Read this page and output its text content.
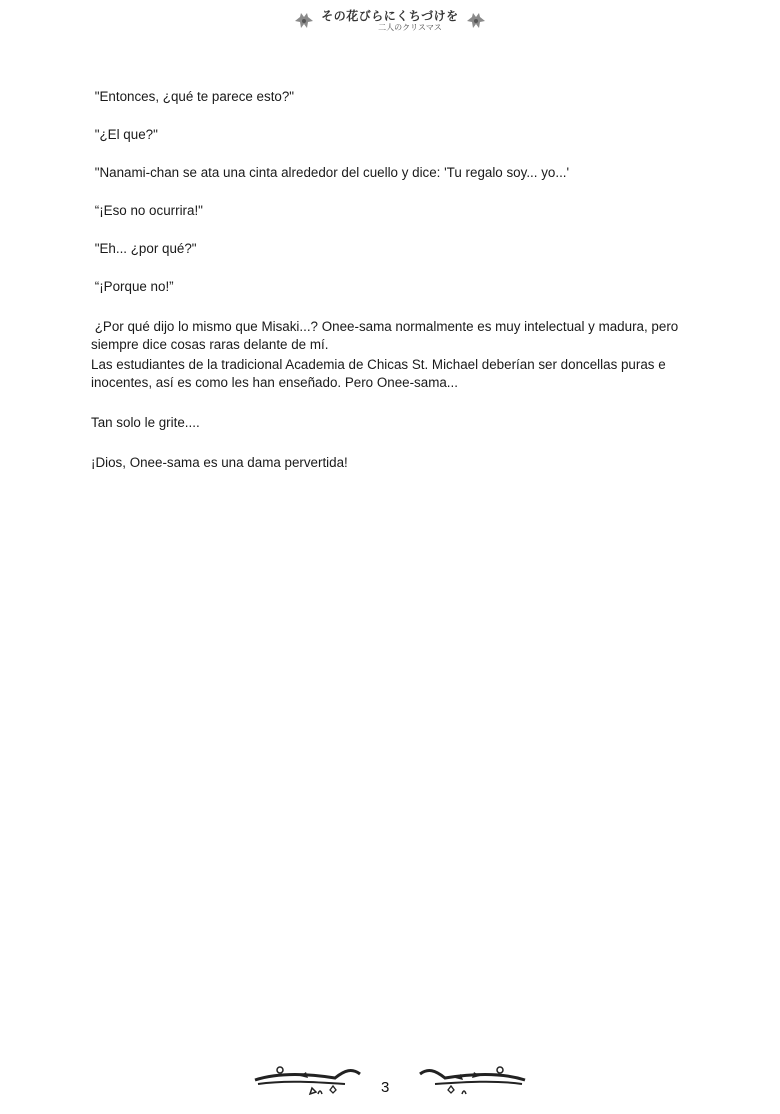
その花びらにくちづけを
二人のクリスマス

"Entonces, ¿qué te parece esto?"

"¿El que?"

"Nanami-chan se ata una cinta alrededor del cuello y dice: 'Tu regalo soy... yo...'

“¡Eso no ocurrira!"

"Eh... ¿por qué?"

“¡Porque no!”

¿Por qué dijo lo mismo que Misaki...? Onee-sama normalmente es muy intelectual y madura, pero siempre dice cosas raras delante de mí.

Las estudiantes de la tradicional Academia de Chicas St. Michael deberían ser doncellas puras e inocentes, así es como les han enseñado. Pero Onee-sama...

Tan solo le grite....

¡Dios, Onee-sama es una dama pervertida!

3
